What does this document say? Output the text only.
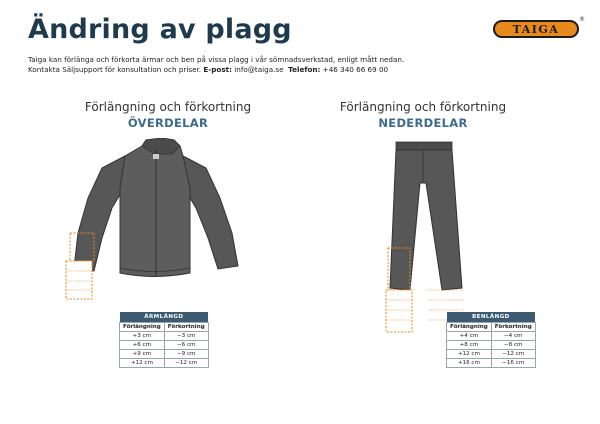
Ändring av plagg	TAIGA
®
Taiga kan förlänga och förkorta ärmar och ben på vissa plagg i vår sömnadsverkstad, enligt mått nedan.
Kontakta Säljsupport för konsultation och priser. E-post: info@taiga.se Telefon: +46 340 66 69 00
Förlängning och förkortning
ÖVERDELAR
ÄRMLÄNGD	
Förlängning	Förkortning
+3 cm	−3 cm
+6 cm	−6 cm
+9 cm	−9 cm
+12 cm	−12 cm
Förlängning och förkortning
NEDERDELAR
BENLÄNGD	
Förlängning	Förkortning
+4 cm	−4 cm
+8 cm	−8 cm
+12 cm	−12 cm
+16 cm	−16 cm
